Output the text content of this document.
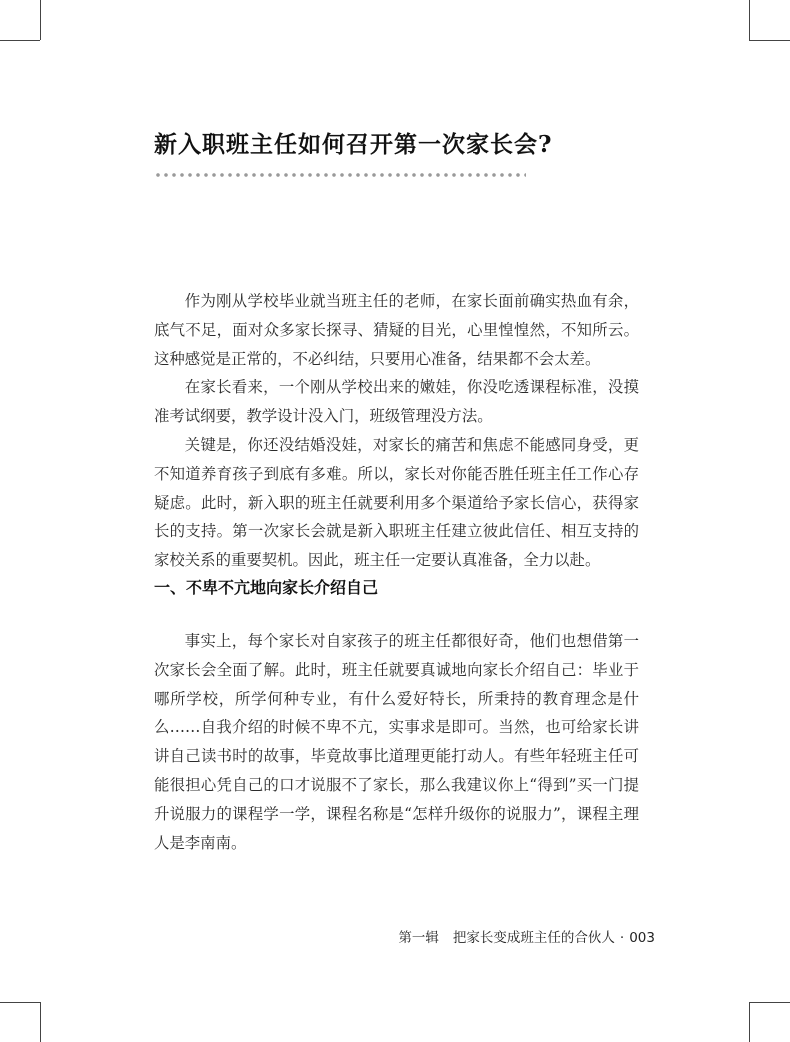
新入职班主任如何召开第一次家长会?

作为刚从学校毕业就当班主任的老师，在家长面前确实热血有余，底气不足，面对众多家长探寻、猜疑的目光，心里惶惶然，不知所云。这种感觉是正常的，不必纠结，只要用心准备，结果都不会太差。

在家长看来，一个刚从学校出来的嫩娃，你没吃透课程标准，没摸准考试纲要，教学设计没入门，班级管理没方法。

关键是，你还没结婚没娃，对家长的痛苦和焦虑不能感同身受，更不知道养育孩子到底有多难。所以，家长对你能否胜任班主任工作心存疑虑。此时，新入职的班主任就要利用多个渠道给予家长信心，获得家长的支持。第一次家长会就是新入职班主任建立彼此信任、相互支持的家校关系的重要契机。因此，班主任一定要认真准备，全力以赴。

一、不卑不亢地向家长介绍自己

事实上，每个家长对自家孩子的班主任都很好奇，他们也想借第一次家长会全面了解。此时，班主任就要真诚地向家长介绍自己：毕业于哪所学校，所学何种专业，有什么爱好特长，所秉持的教育理念是什么……自我介绍的时候不卑不亢，实事求是即可。当然，也可给家长讲讲自己读书时的故事，毕竟故事比道理更能打动人。有些年轻班主任可能很担心凭自己的口才说服不了家长，那么我建议你上“得到”买一门提升说服力的课程学一学，课程名称是“怎样升级你的说服力”，课程主理人是李南南。

第一辑 把家长变成班主任的合伙人 · 003
